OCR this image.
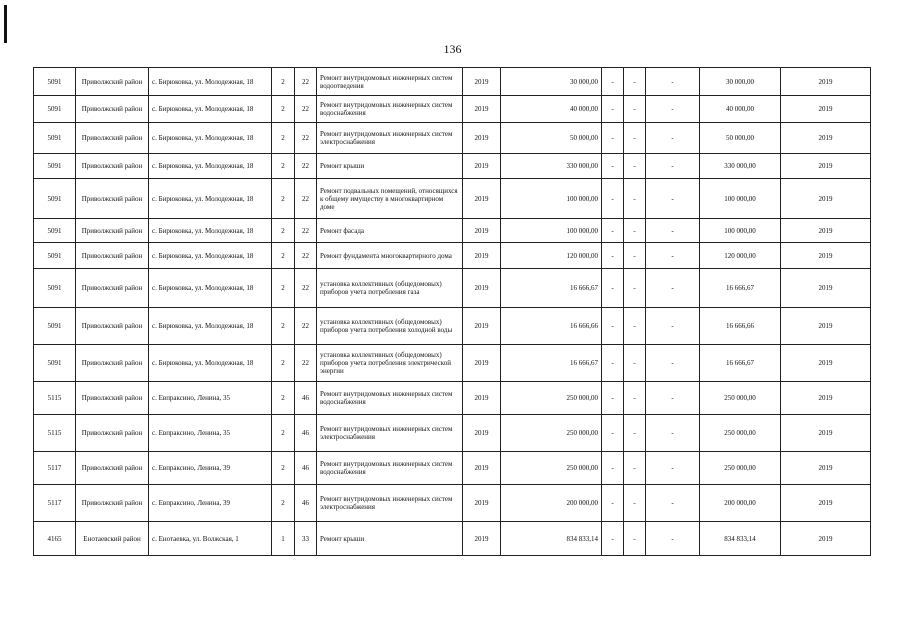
136
5091	Приволжский район	с. Бирюковка, ул. Молодежная, 18	2	22	Ремонт внутридомовых инженерных систем водоотведения	2019	30 000,00	-	-	-	30 000,00	2019
5091	Приволжский район	с. Бирюковка, ул. Молодежная, 18	2	22	Ремонт внутридомовых инженерных систем водоснабжения	2019	40 000,00	-	-	-	40 000,00	2019
5091	Приволжский район	с. Бирюковка, ул. Молодежная, 18	2	22	Ремонт внутридомовых инженерных систем электроснабжения	2019	50 000,00	-	-	-	50 000,00	2019
5091	Приволжский район	с. Бирюковка, ул. Молодежная, 18	2	22	Ремонт крыши	2019	330 000,00	-	-	-	330 000,00	2019
5091	Приволжский район	с. Бирюковка, ул. Молодежная, 18	2	22	Ремонт подвальных помещений, относящихся к общему имуществу в многоквартирном доме	2019	100 000,00	-	-	-	100 000,00	2019
5091	Приволжский район	с. Бирюковка, ул. Молодежная, 18	2	22	Ремонт фасада	2019	100 000,00	-	-	-	100 000,00	2019
5091	Приволжский район	с. Бирюковка, ул. Молодежная, 18	2	22	Ремонт фундамента многоквартирного дома	2019	120 000,00	-	-	-	120 000,00	2019
5091	Приволжский район	с. Бирюковка, ул. Молодежная, 18	2	22	установка коллективных (общедомовых) приборов учета потребления газа	2019	16 666,67	-	-	-	16 666,67	2019
5091	Приволжский район	с. Бирюковка, ул. Молодежная, 18	2	22	установка коллективных (общедомовых) приборов учета потребления холодной воды	2019	16 666,66	-	-	-	16 666,66	2019
5091	Приволжский район	с. Бирюковка, ул. Молодежная, 18	2	22	установка коллективных (общедомовых) приборов учета потребления электрической энергии	2019	16 666,67	-	-	-	16 666,67	2019
5115	Приволжский район	с. Евпраксино, Ленина, 35	2	46	Ремонт внутридомовых инженерных систем водоснабжения	2019	250 000,00	-	-	-	250 000,00	2019
5115	Приволжский район	с. Евпраксино, Ленина, 35	2	46	Ремонт внутридомовых инженерных систем электроснабжения	2019	250 000,00	-	-	-	250 000,00	2019
5117	Приволжский район	с. Евпраксино, Ленина, 39	2	46	Ремонт внутридомовых инженерных систем водоснабжения	2019	250 000,00	-	-	-	250 000,00	2019
5117	Приволжский район	с. Евпраксино, Ленина, 39	2	46	Ремонт внутридомовых инженерных систем электроснабжения	2019	200 000,00	-	-	-	200 000,00	2019
4165	Енотаевский район	с. Енотаевка, ул. Волжская, 1	1	33	Ремонт крыши	2019	834 833,14	-	-	-	834 833,14	2019
